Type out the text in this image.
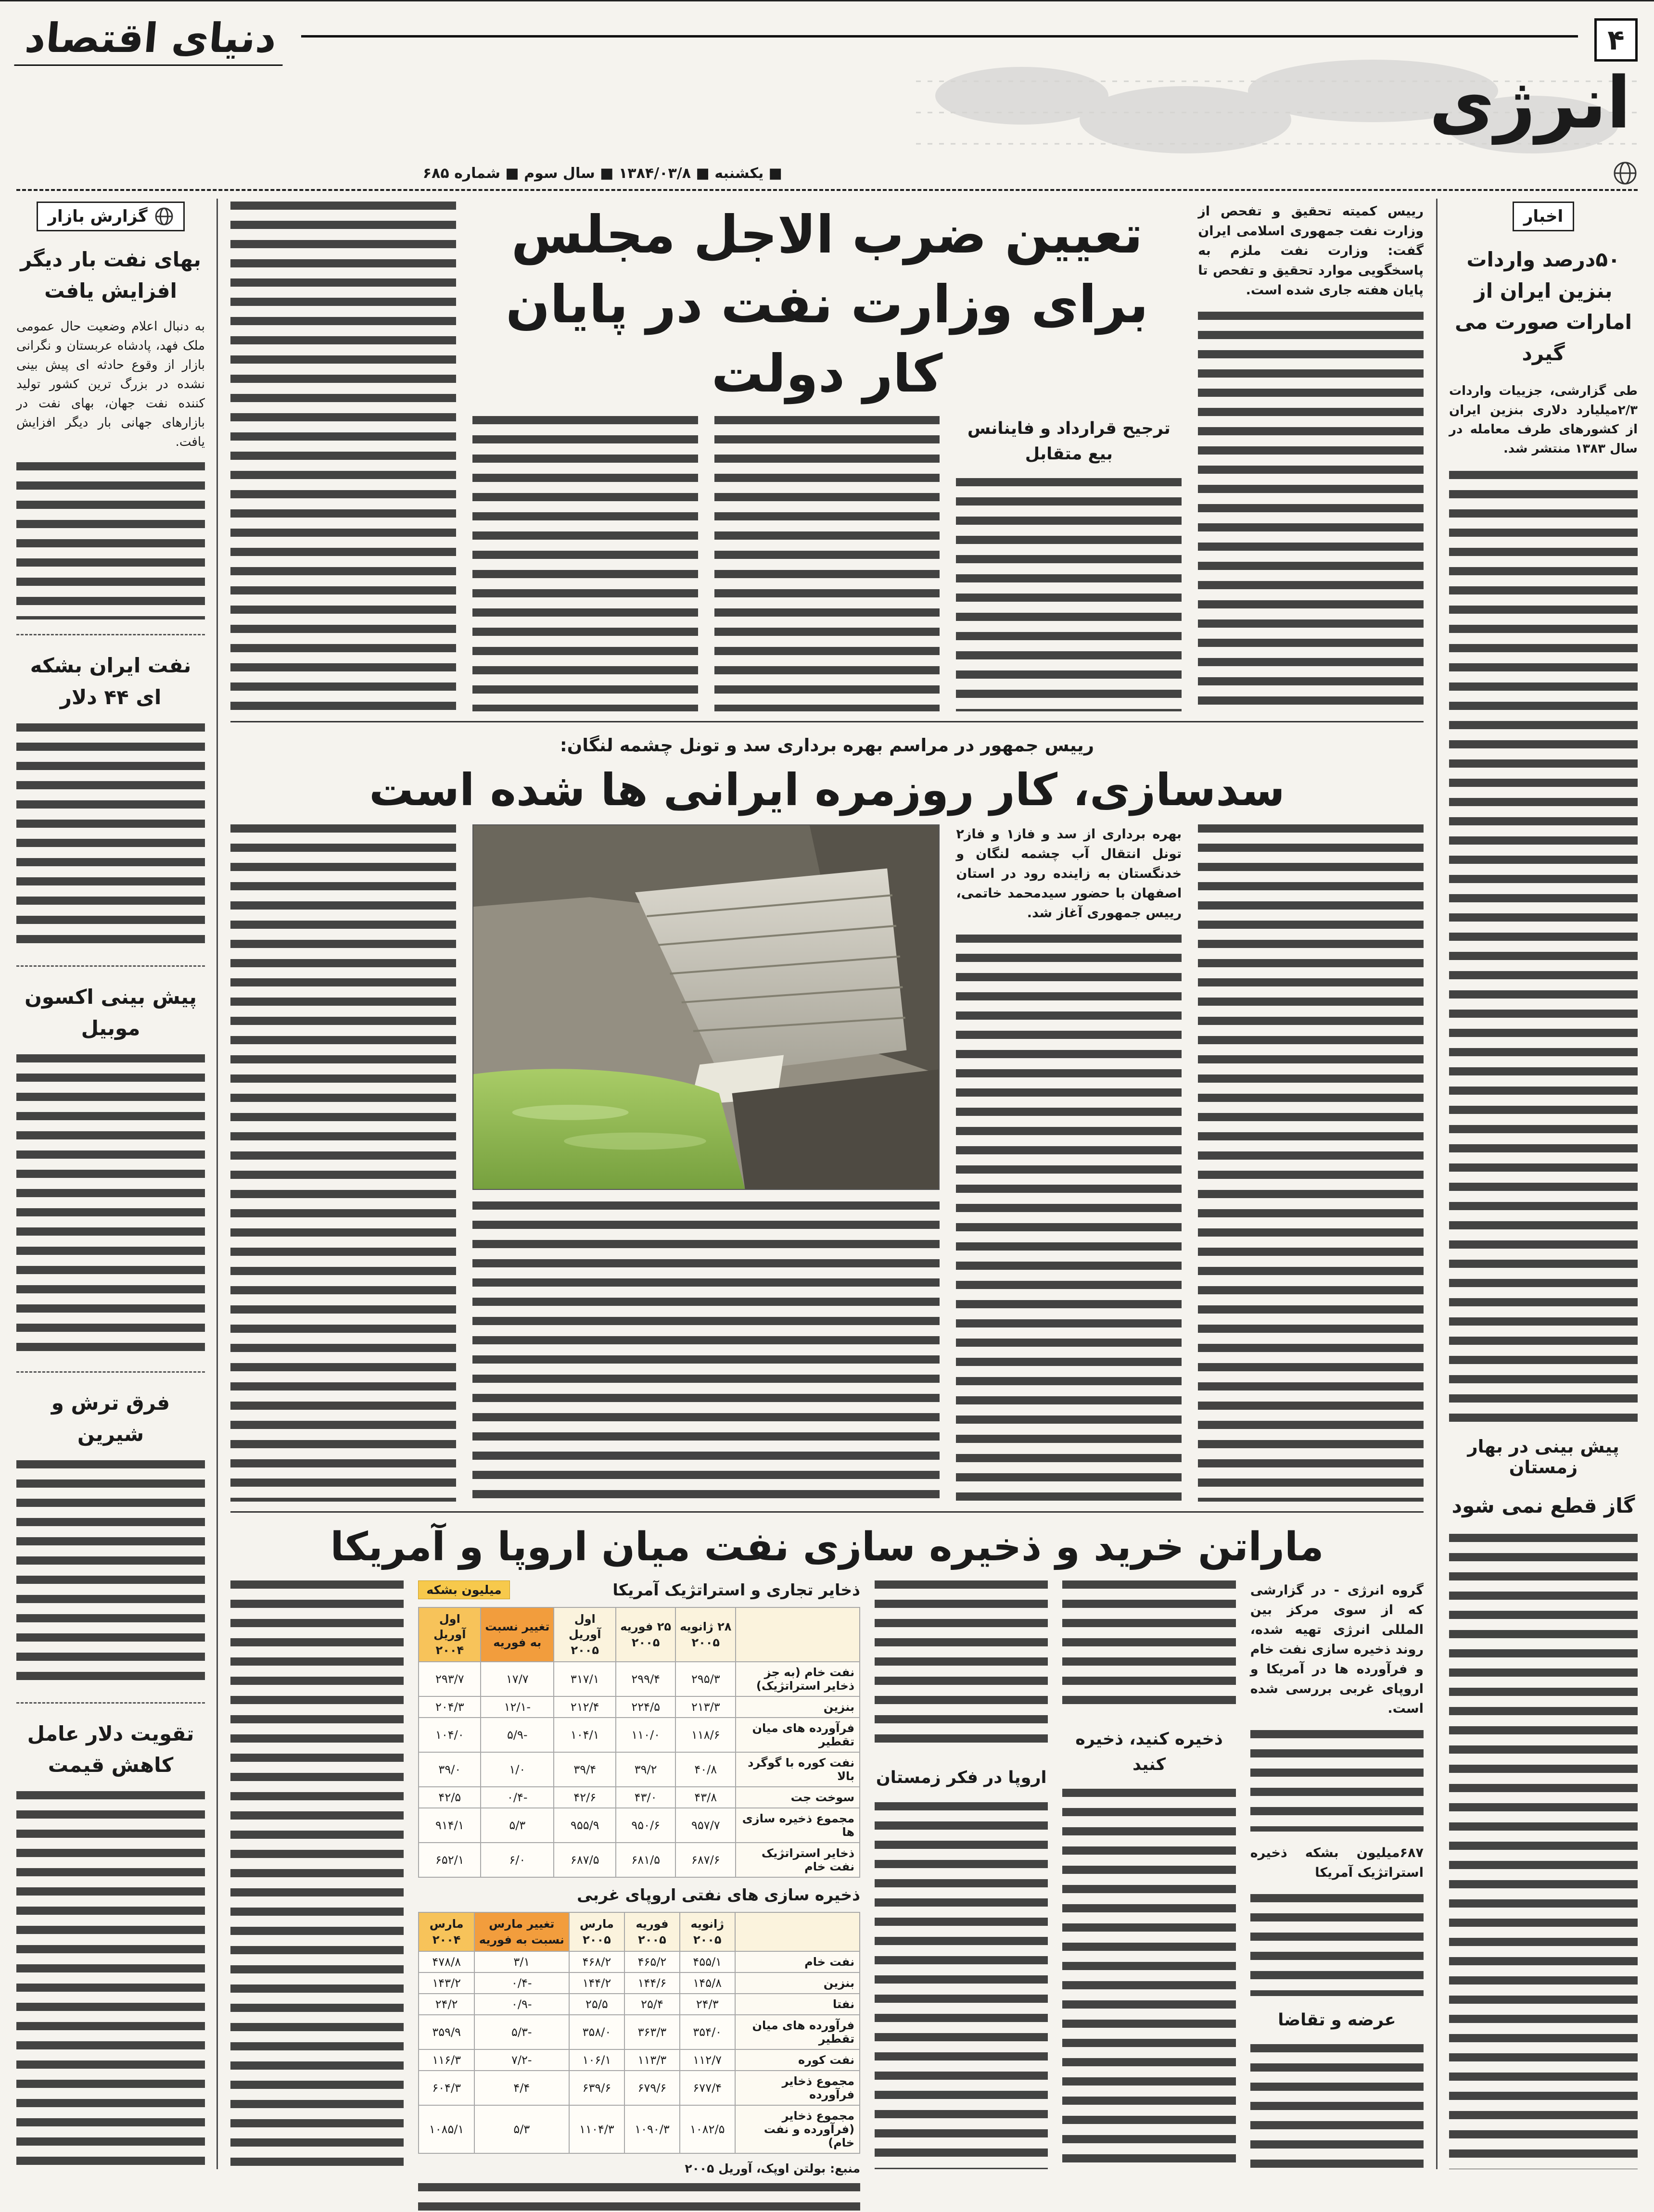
۴
دنیای اقتصاد
انرژی
■ یکشنبه ■ ۱۳۸۴/۰۳/۸ ■ سال سوم ■ شماره ۶۸۵
اخبار
۵۰درصد واردات بنزین ایران از امارات صورت می گیرد

طی گزارشی، جزییات واردات ۲/۳میلیارد دلاری بنزین ایران از کشورهای طرف معامله در سال ۱۳۸۳ منتشر شد.

پیش بینی در بهار زمستان
گاز قطع نمی شود

رییس کمیته تحقیق و تفحص از وزارت نفت جمهوری اسلامی ایران گفت: وزارت نفت ملزم به پاسخگویی موارد تحقیق و تفحص تا پایان هفته جاری شده است.

تعیین ضرب الاجل مجلس
برای وزارت نفت در پایان کار دولت
ترجیح قرارداد و فاینانس بیع متقابل
رییس جمهور در مراسم بهره برداری سد و تونل چشمه لنگان:
سدسازی، کار روزمره ایرانی ها شده است

بهره برداری از سد و فاز۱ و فاز۲ تونل انتقال آب چشمه لنگان و خدنگستان به زاینده رود در استان اصفهان با حضور سیدمحمد خاتمی، رییس جمهوری آغاز شد.

ماراتن خرید و ذخیره سازی نفت میان اروپا و آمریکا

گروه انرژی - در گزارشی که از سوی مرکز بین المللی انرژی تهیه شده، روند ذخیره سازی نفت خام و فرآورده ها در آمریکا و اروپای غربی بررسی شده است.

۶۸۷میلیون بشکه ذخیره استراتژیک آمریکا

عرضه و تقاضا
ذخیره کنید، ذخیره کنید
اروپا در فکر زمستان
ذخایر تجاری و استراتژیک آمریکا
میلیون بشکه
	۲۸ ژانویه ۲۰۰۵	۲۵ فوریه ۲۰۰۵	اول آوریل ۲۰۰۵	تغییر نسبت به فوریه	اول آوریل ۲۰۰۴
نفت خام (به جز ذخایر استراتژیک)	۲۹۵/۳	۲۹۹/۴	۳۱۷/۱	۱۷/۷	۲۹۳/۷
بنزین	۲۱۳/۳	۲۲۴/۵	۲۱۲/۴	-۱۲/۱	۲۰۴/۳
فرآورده های میان تقطیر	۱۱۸/۶	۱۱۰/۰	۱۰۴/۱	-۵/۹	۱۰۴/۰
نفت کوره با گوگرد بالا	۴۰/۸	۳۹/۲	۳۹/۴	۱/۰	۳۹/۰
سوخت جت	۴۳/۸	۴۳/۰	۴۲/۶	-۰/۴	۴۲/۵
مجموع ذخیره سازی ها	۹۵۷/۷	۹۵۰/۶	۹۵۵/۹	۵/۳	۹۱۴/۱
ذخایر استراتژیک نفت خام	۶۸۷/۶	۶۸۱/۵	۶۸۷/۵	۶/۰	۶۵۲/۱
ذخیره سازی های نفتی اروپای غربی
	ژانویه ۲۰۰۵	فوریه ۲۰۰۵	مارس ۲۰۰۵	تغییر مارس نسبت به فوریه	مارس ۲۰۰۴
نفت خام	۴۵۵/۱	۴۶۵/۲	۴۶۸/۲	۳/۱	۴۷۸/۸
بنزین	۱۴۵/۸	۱۴۴/۶	۱۴۴/۲	-۰/۴	۱۴۳/۲
نفتا	۲۴/۳	۲۵/۴	۲۵/۵	-۰/۹	۲۴/۲
فرآورده های میان تقطیر	۳۵۴/۰	۳۶۳/۳	۳۵۸/۰	-۵/۳	۳۵۹/۹
نفت کوره	۱۱۲/۷	۱۱۳/۳	۱۰۶/۱	-۷/۲	۱۱۶/۳
مجموع ذخایر فرآورده	۶۷۷/۴	۶۷۹/۶	۶۳۹/۶	۴/۴	۶۰۴/۳
مجموع ذخایر (فرآورده و نفت خام)	۱۰۸۲/۵	۱۰۹۰/۳	۱۱۰۴/۳	۵/۳	۱۰۸۵/۱
منبع: بولتن اوپک، آوریل ۲۰۰۵
گزارش بازار
بهای نفت بار دیگر افزایش یافت

به دنبال اعلام وضعیت حال عمومی ملک فهد، پادشاه عربستان و نگرانی بازار از وقوع حادثه ای پیش بینی نشده در بزرگ ترین کشور تولید کننده نفت جهان، بهای نفت در بازارهای جهانی بار دیگر افزایش یافت.

نفت ایران بشکه ای ۴۴ دلار
پیش بینی اکسون موبیل
فرق ترش و شیرین
تقویت دلار عامل کاهش قیمت
